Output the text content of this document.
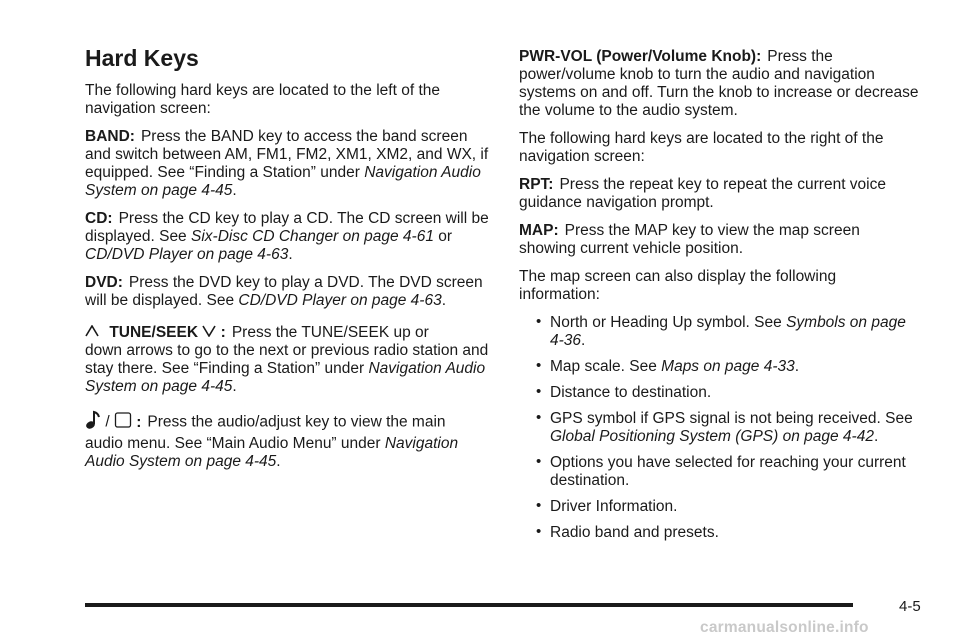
Hard Keys

The following hard keys are located to the left of the navigation screen:

BAND: Press the BAND key to access the band screen and switch between AM, FM1, FM2, XM1, XM2, and WX, if equipped. See “Finding a Station” under Navigation Audio System on page 4-45.

CD: Press the CD key to play a CD. The CD screen will be displayed. See Six-Disc CD Changer on page 4-61 or CD/DVD Player on page 4-63.

DVD: Press the DVD key to play a DVD. The DVD screen will be displayed. See CD/DVD Player on page 4-63.

TUNE/SEEK : Press the TUNE/SEEK up or
down arrows to go to the next or previous radio station and stay there. See “Finding a Station” under Navigation Audio System on page 4-45.

/ : Press the audio/adjust key to view the main
audio menu. See “Main Audio Menu” under Navigation Audio System on page 4-45.

PWR-VOL (Power/Volume Knob): Press the power/volume knob to turn the audio and navigation systems on and off. Turn the knob to increase or decrease the volume to the audio system.

The following hard keys are located to the right of the navigation screen:

RPT: Press the repeat key to repeat the current voice guidance navigation prompt.

MAP: Press the MAP key to view the map screen showing current vehicle position.

The map screen can also display the following information:

• North or Heading Up symbol. See Symbols on page 4-36.
• Map scale. See Maps on page 4-33.
• Distance to destination.
• GPS symbol if GPS signal is not being received. See Global Positioning System (GPS) on page 4-42.
• Options you have selected for reaching your current destination.
• Driver Information.
• Radio band and presets.
4-5
carmanualsonline.info
